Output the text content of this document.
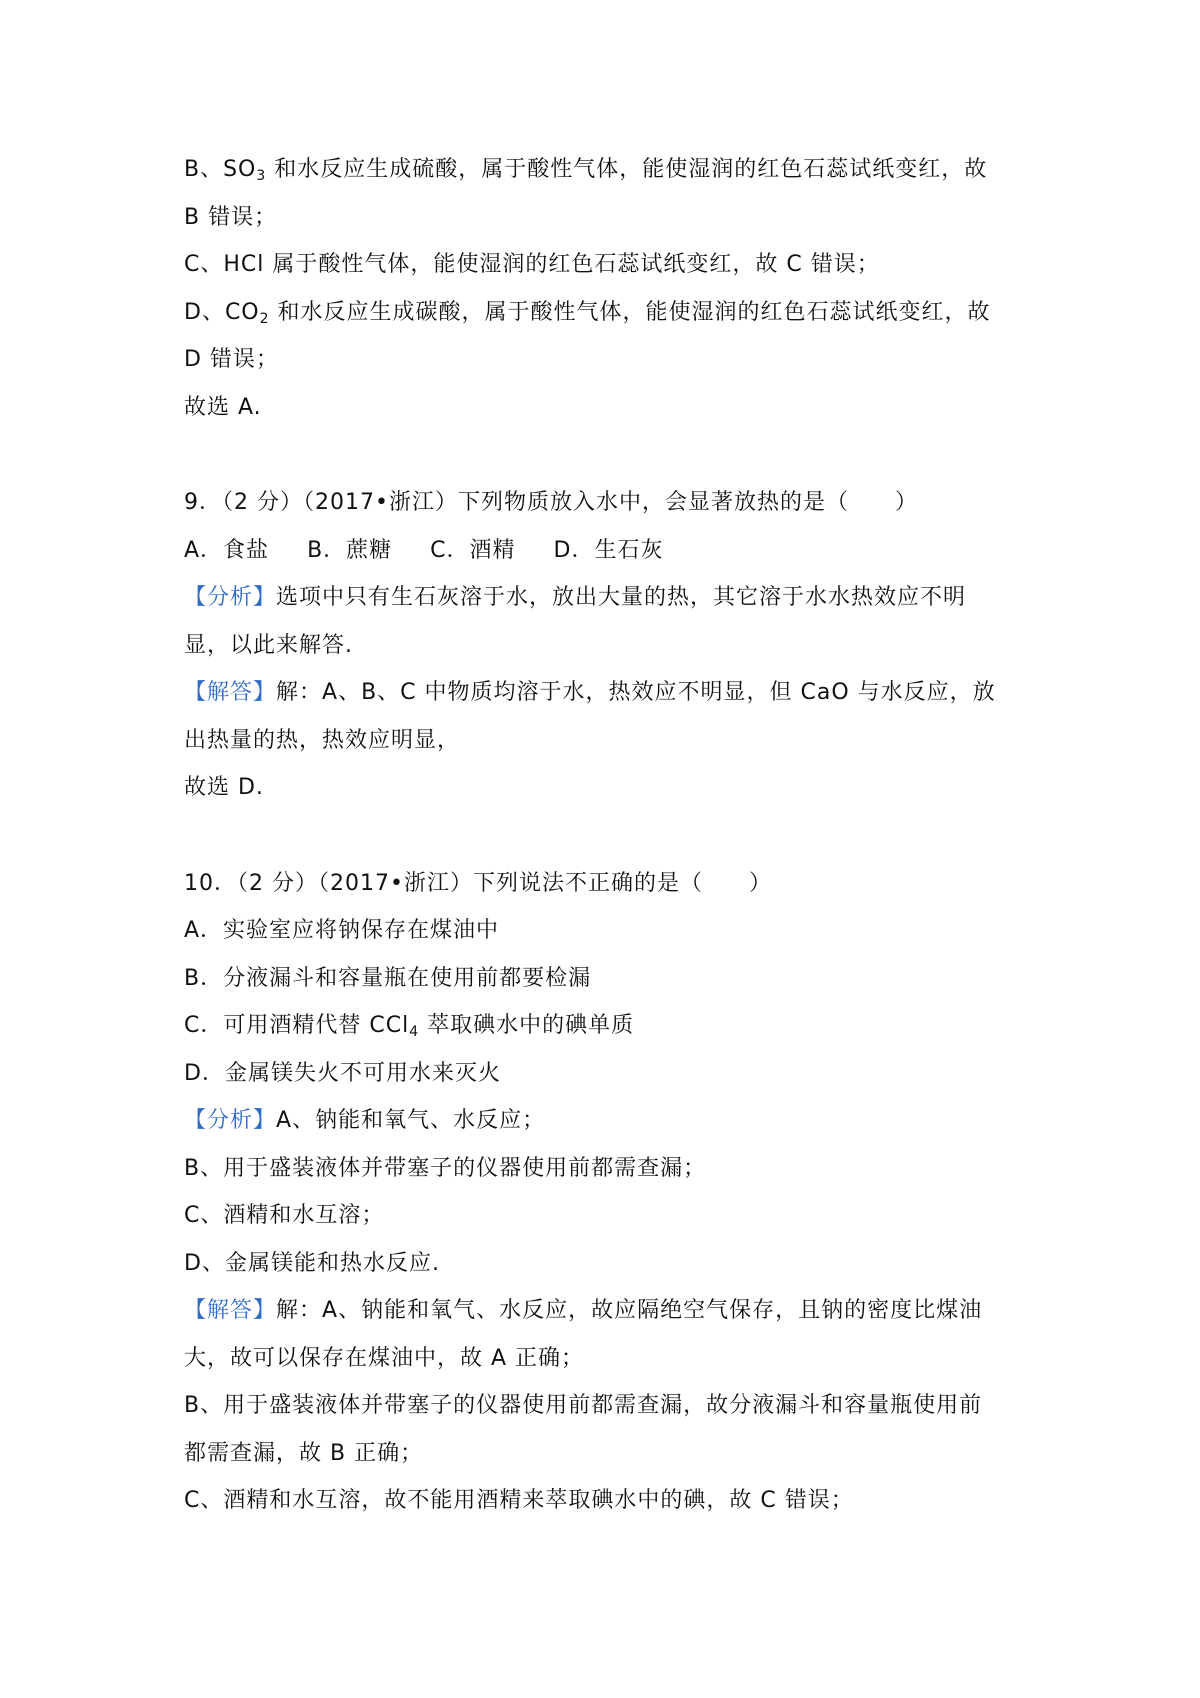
B、$SO_3$ 和水反应生成硫酸，属于酸性气体，能使湿润的红色石蕊试纸变红，故
B 错误；
C、HCl 属于酸性气体，能使湿润的红色石蕊试纸变红，故 C 错误；
D、$CO_2$ 和水反应生成碳酸，属于酸性气体，能使湿润的红色石蕊试纸变红，故
D 错误；
故选 A.
9．（2 分）（2017•浙江）下列物质放入水中，会显著放热的是（　　）
A．食盐 B．蔗糖 C．酒精 D．生石灰
【分析】选项中只有生石灰溶于水，放出大量的热，其它溶于水水热效应不明
显，以此来解答.
【解答】解：A、B、C 中物质均溶于水，热效应不明显，但 CaO 与水反应，放
出热量的热，热效应明显，
故选 D.
10．（2 分）（2017•浙江）下列说法不正确的是（　　）
A．实验室应将钠保存在煤油中
B．分液漏斗和容量瓶在使用前都要检漏
C．可用酒精代替 CCl$_4$ 萃取碘水中的碘单质
D．金属镁失火不可用水来灭火
【分析】A、钠能和氧气、水反应；
B、用于盛装液体并带塞子的仪器使用前都需查漏；
C、酒精和水互溶；
D、金属镁能和热水反应.
【解答】解：A、钠能和氧气、水反应，故应隔绝空气保存，且钠的密度比煤油
大，故可以保存在煤油中，故 A 正确；
B、用于盛装液体并带塞子的仪器使用前都需查漏，故分液漏斗和容量瓶使用前
都需查漏，故 B 正确；
C、酒精和水互溶，故不能用酒精来萃取碘水中的碘，故 C 错误；
